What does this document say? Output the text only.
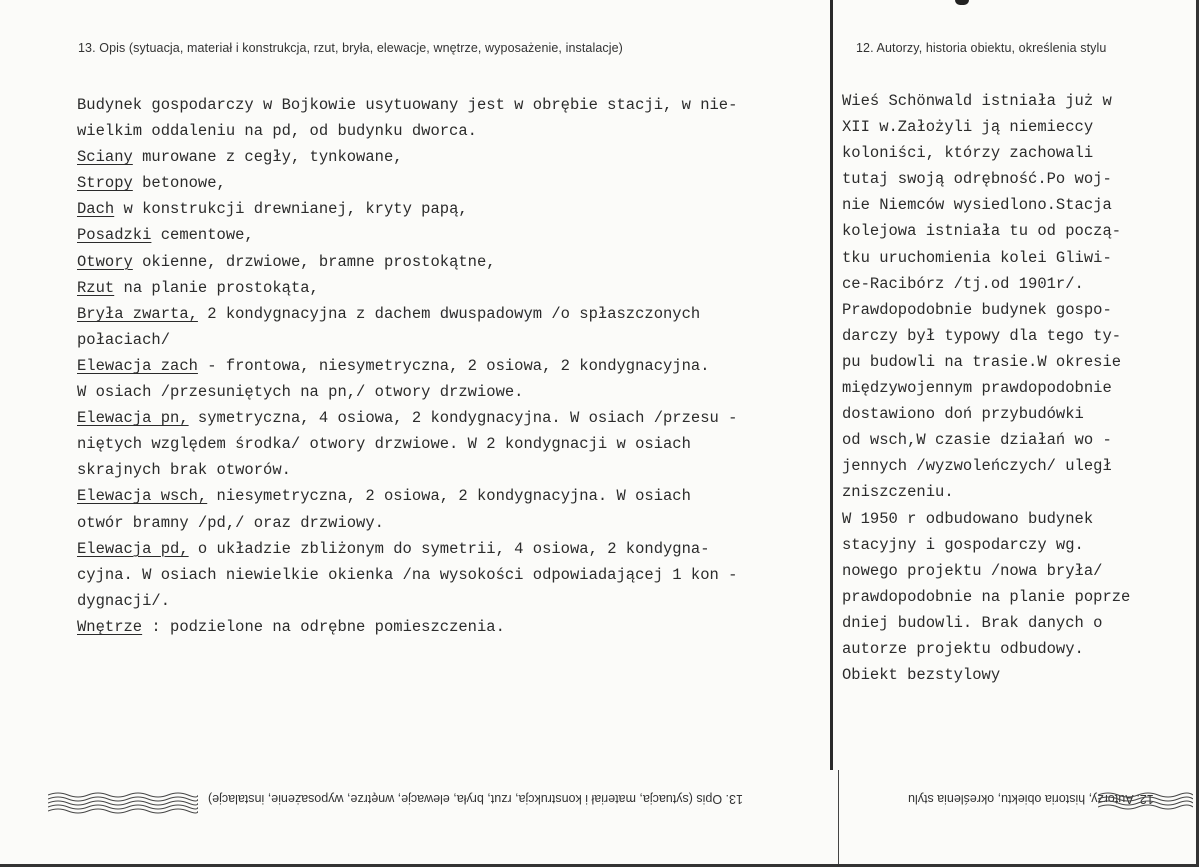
13. Opis (sytuacja, materiał i konstrukcja, rzut, bryła, elewacje, wnętrze, wyposażenie, instalacje)	12. Autorzy, historia obiektu, określenia stylu
Budynek gospodarczy w Bojkowie usytuowany jest w obrębie stacji, w nie-
wielkim oddaleniu na pd, od budynku dworca.
Sciany murowane z cegły, tynkowane,
Stropy betonowe,
Dach w konstrukcji drewnianej, kryty papą,
Posadzki cementowe,
Otwory okienne, drzwiowe, bramne prostokątne,
Rzut na planie prostokąta,
Bryła zwarta, 2 kondygnacyjna z dachem dwuspadowym /o spłaszczonych
połaciach/
Elewacja zach - frontowa, niesymetryczna, 2 osiowa, 2 kondygnacyjna.
W osiach /przesuniętych na pn,/ otwory drzwiowe.
Elewacja pn, symetryczna, 4 osiowa, 2 kondygnacyjna. W osiach /przesu -
niętych względem środka/ otwory drzwiowe. W 2 kondygnacji w osiach
skrajnych brak otworów.
Elewacja wsch, niesymetryczna, 2 osiowa, 2 kondygnacyjna. W osiach
otwór bramny /pd,/ oraz drzwiowy.
Elewacja pd, o układzie zbliżonym do symetrii, 4 osiowa, 2 kondygna-
cyjna. W osiach niewielkie okienka /na wysokości odpowiadającej 1 kon -
dygnacji/.
Wnętrze : podzielone na odrębne pomieszczenia.
Wieś Schönwald istniała już w
XII w.Założyli ją niemieccy
koloniści, którzy zachowali
tutaj swoją odrębność.Po woj-
nie Niemców wysiedlono.Stacja
kolejowa istniała tu od począ-
tku uruchomienia kolei Gliwi-
ce-Racibórz /tj.od 1901r/.
Prawdopodobnie budynek gospo-
darczy był typowy dla tego ty-
pu budowli na trasie.W okresie
międzywojennym prawdopodobnie
dostawiono doń przybudówki
od wsch,W czasie działań wo -
jennych /wyzwoleńczych/ uległ
zniszczeniu.
W 1950 r odbudowano budynek
stacyjny i gospodarczy wg.
nowego projektu /nowa bryła/
prawdopodobnie na planie poprze
dniej budowli. Brak danych o
autorze projektu odbudowy.
Obiekt bezstylowy
13. Opis (sytuacja, materiał i konstrukcja, rzut, bryła, elewacje, wnętrze, wyposażenie, instalacje)	12. Autorzy, historia obiektu, określenia stylu
